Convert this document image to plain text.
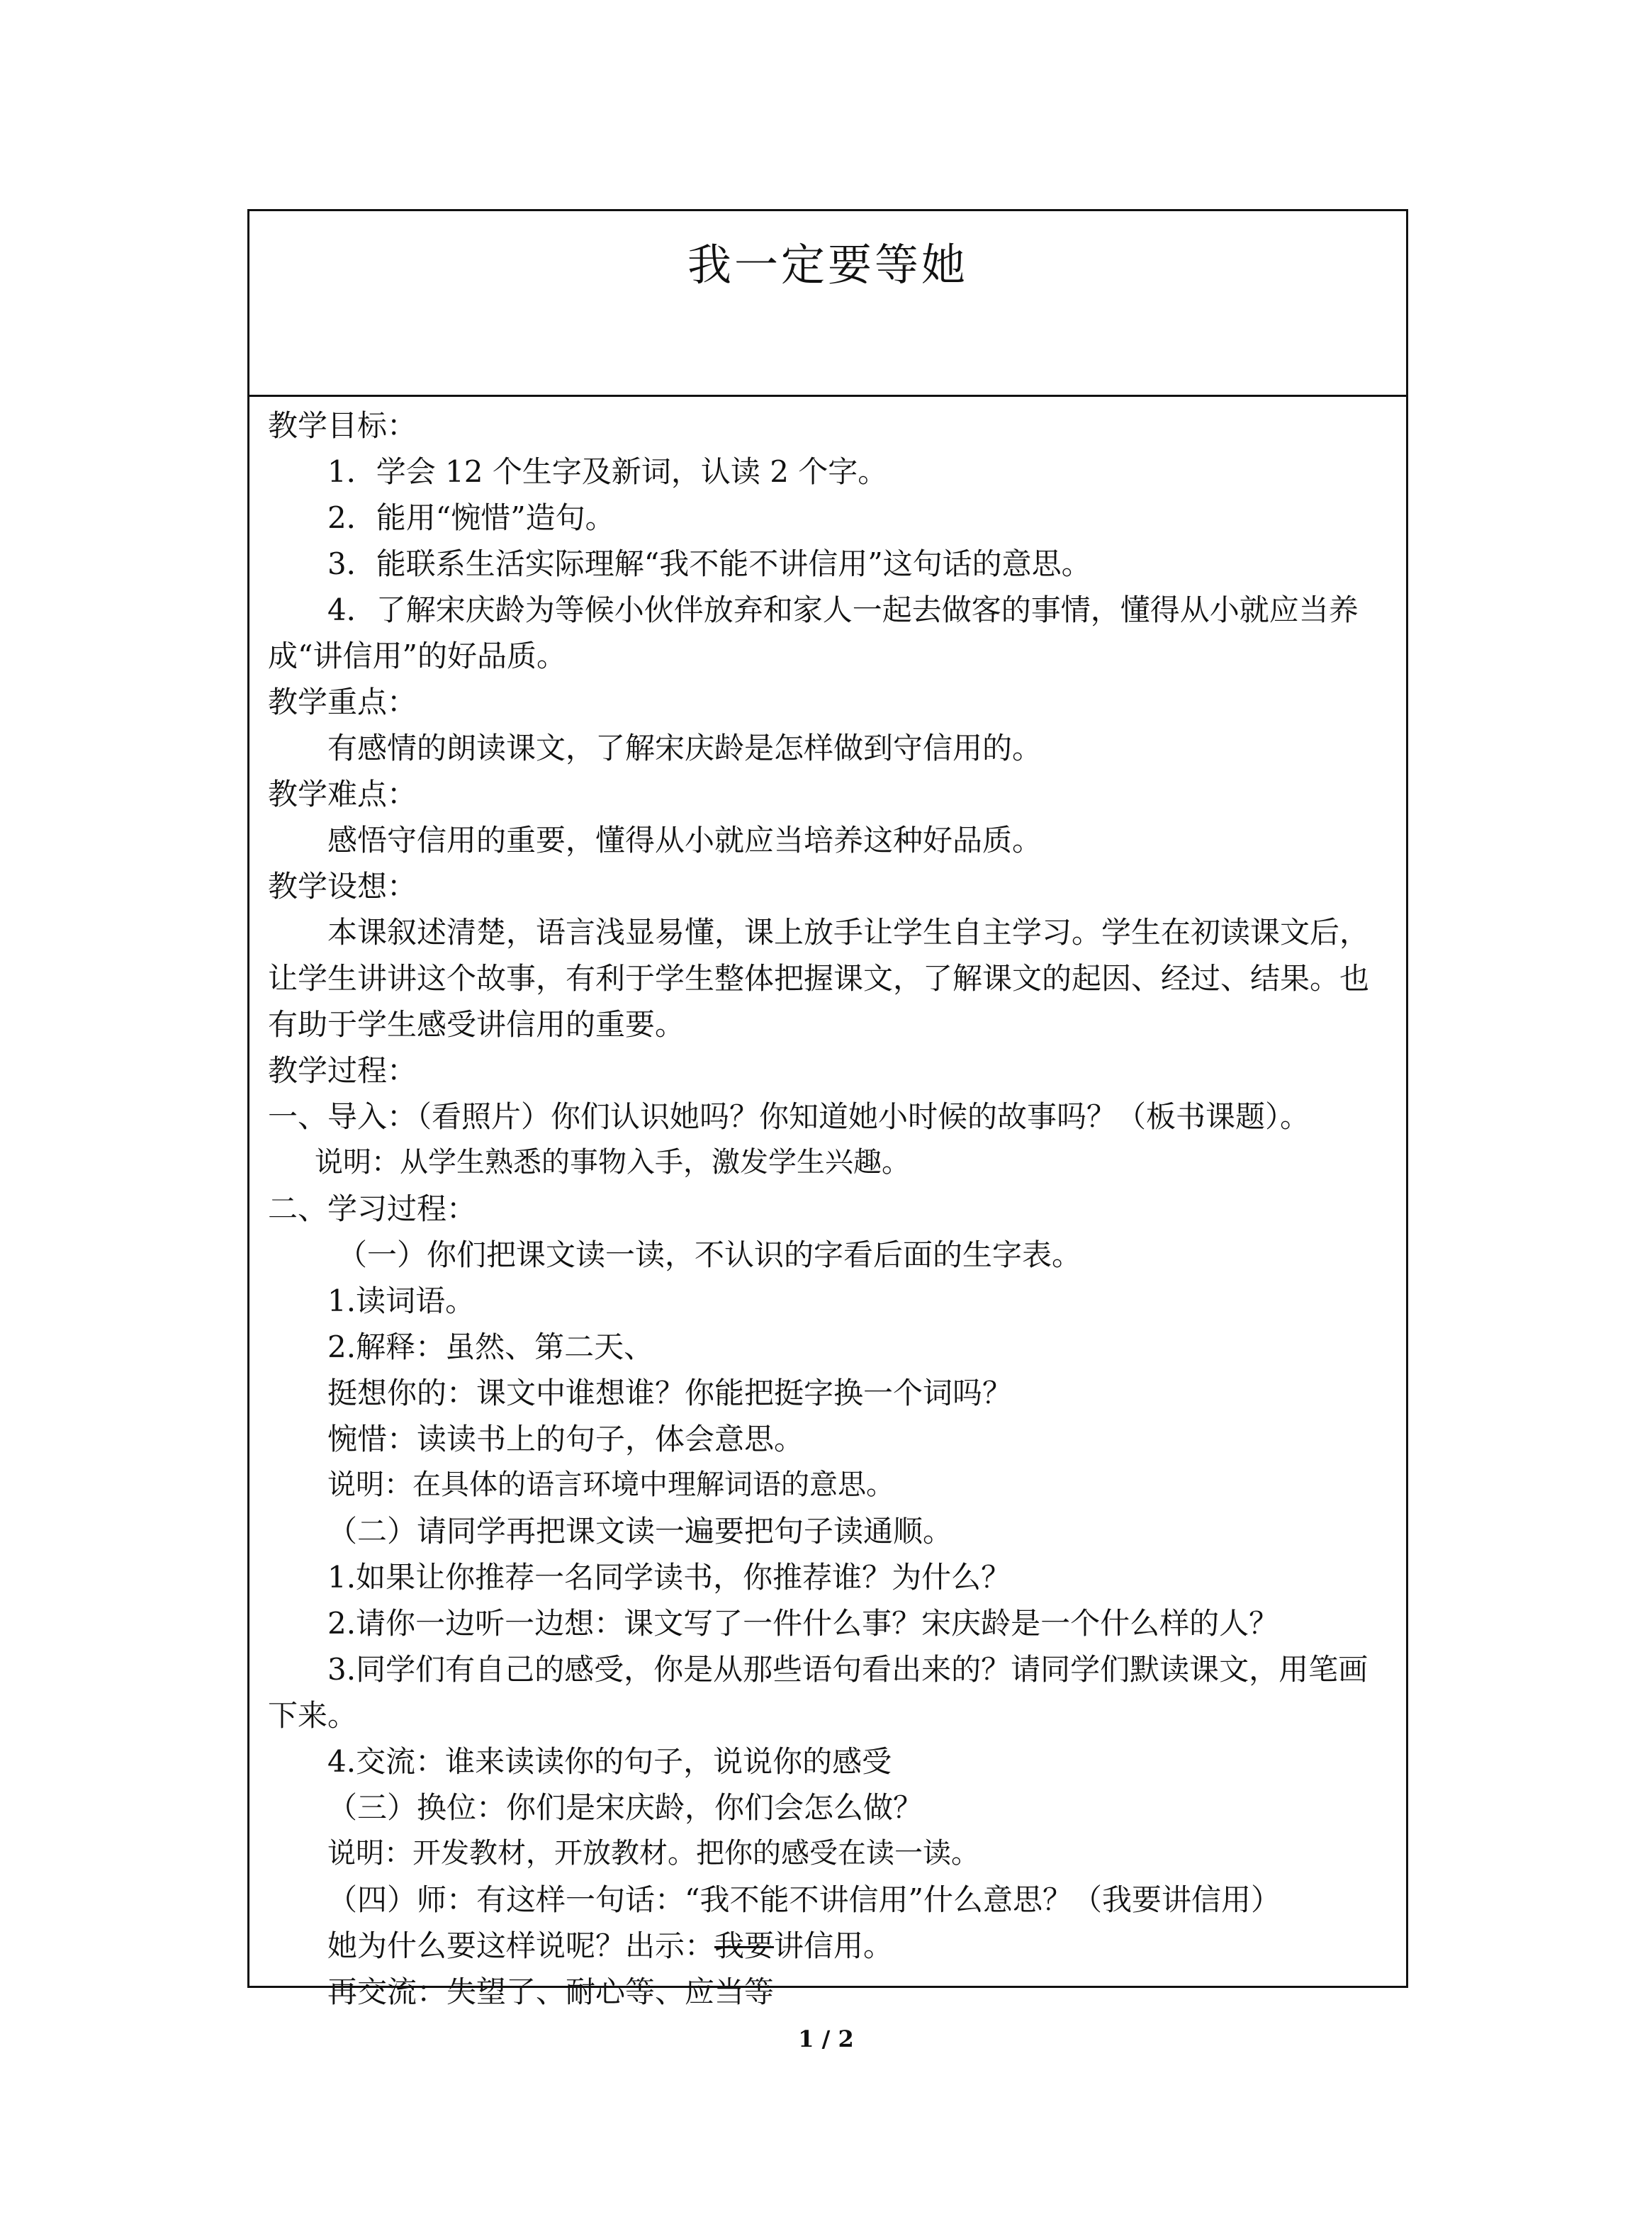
我一定要等她
教学目标：
1．学会 12 个生字及新词，认读 2 个字。
2．能用“惋惜”造句。
3．能联系生活实际理解“我不能不讲信用”这句话的意思。
4．了解宋庆龄为等候小伙伴放弃和家人一起去做客的事情，懂得从小就应当养
成“讲信用”的好品质。
教学重点：
有感情的朗读课文，了解宋庆龄是怎样做到守信用的。
教学难点：
感悟守信用的重要，懂得从小就应当培养这种好品质。
教学设想：
本课叙述清楚，语言浅显易懂，课上放手让学生自主学习。学生在初读课文后，
让学生讲讲这个故事，有利于学生整体把握课文，了解课文的起因、经过、结果。也
有助于学生感受讲信用的重要。
教学过程：
一、导入：（看照片）你们认识她吗？你知道她小时候的故事吗？（板书课题）。
说明：从学生熟悉的事物入手，激发学生兴趣。
二、学习过程：
（一）你们把课文读一读，不认识的字看后面的生字表。
1.读词语。
2.解释：虽然、第二天、
挺想你的：课文中谁想谁？你能把挺字换一个词吗？
惋惜：读读书上的句子，体会意思。
说明：在具体的语言环境中理解词语的意思。
（二）请同学再把课文读一遍要把句子读通顺。
1.如果让你推荐一名同学读书，你推荐谁？为什么？
2.请你一边听一边想：课文写了一件什么事？宋庆龄是一个什么样的人？
3.同学们有自己的感受，你是从那些语句看出来的？请同学们默读课文，用笔画
下来。
4.交流：谁来读读你的句子，说说你的感受
（三）换位：你们是宋庆龄，你们会怎么做？
说明：开发教材，开放教材。把你的感受在读一读。
（四）师：有这样一句话：“我不能不讲信用”什么意思？（我要讲信用）
她为什么要这样说呢？出示：我要讲信用。
再交流：失望了、耐心等、应当等
1 / 2
